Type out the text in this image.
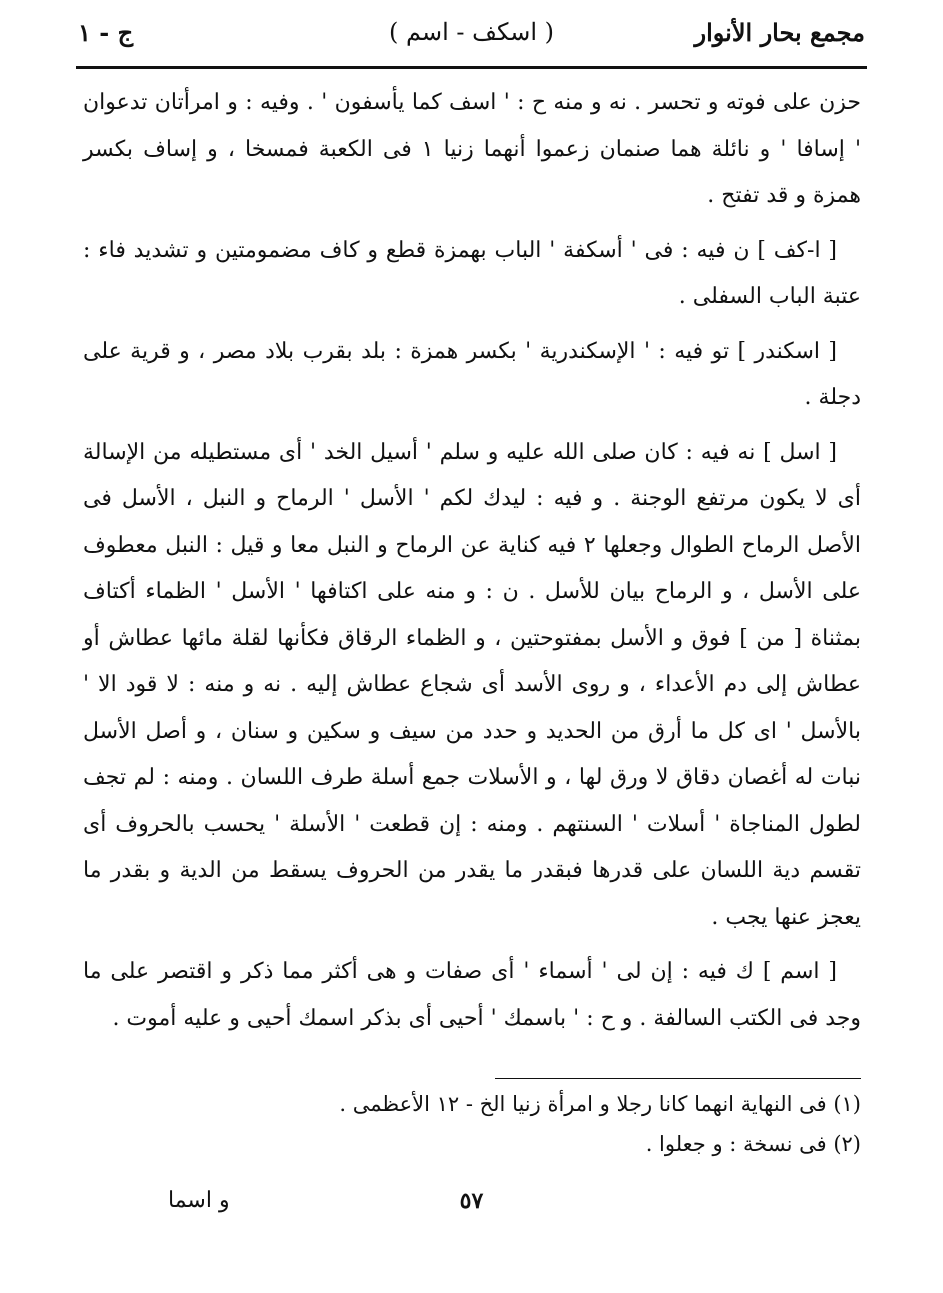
مجمع بحار الأنوار
( اسكف - اسم )
ج - ١

حزن على فوته و تحسر . نه و منه ح : ' اسف كما يأسفون ' . وفيه : و امرأتان تدعوان ' إسافا ' و نائلة هما صنمان زعموا أنهما زنيا ١ فى الكعبة فمسخا ، و إساف بكسر همزة و قد تفتح .

[ ا-كف ] ن فيه : فى ' أسكفة ' الباب بهمزة قطع و كاف مضمومتين و تشديد فاء : عتبة الباب السفلى .

[ اسكندر ] تو فيه : ' الإسكندرية ' بكسر همزة : بلد بقرب بلاد مصر ، و قرية على دجلة .

[ اسل ] نه فيه : كان صلى الله عليه و سلم ' أسيل الخد ' أى مستطيله من الإسالة أى لا يكون مرتفع الوجنة . و فيه : ليدك لكم ' الأسل ' الرماح و النبل ، الأسل فى الأصل الرماح الطوال وجعلها ٢ فيه كناية عن الرماح و النبل معا و قيل : النبل معطوف على الأسل ، و الرماح بيان للأسل . ن : و منه على اكتافها ' الأسل ' الظماء أكتاف بمثناة [ من ] فوق و الأسل بمفتوحتين ، و الظماء الرقاق فكأنها لقلة مائها عطاش أو عطاش إلى دم الأعداء ، و روى الأسد أى شجاع عطاش إليه . نه و منه : لا قود الا ' بالأسل ' اى كل ما أرق من الحديد و حدد من سيف و سكين و سنان ، و أصل الأسل نبات له أغصان دقاق لا ورق لها ، و الأسلات جمع أسلة طرف اللسان . ومنه : لم تجف لطول المناجاة ' أسلات ' السنتهم . ومنه : إن قطعت ' الأسلة ' يحسب بالحروف أى تقسم دية اللسان على قدرها فبقدر ما يقدر من الحروف يسقط من الدية و بقدر ما يعجز عنها يجب .

[ اسم ] ك فيه : إن لى ' أسماء ' أى صفات و هى أكثر مما ذكر و اقتصر على ما وجد فى الكتب السالفة . و ح : ' باسمك ' أحيى أى بذكر اسمك أحيى و عليه أموت .

(١) فى النهاية انهما كانا رجلا و امرأة زنيا الخ - ١٢ الأعظمى .

(٢) فى نسخة : و جعلوا .

٥٧
و اسما
